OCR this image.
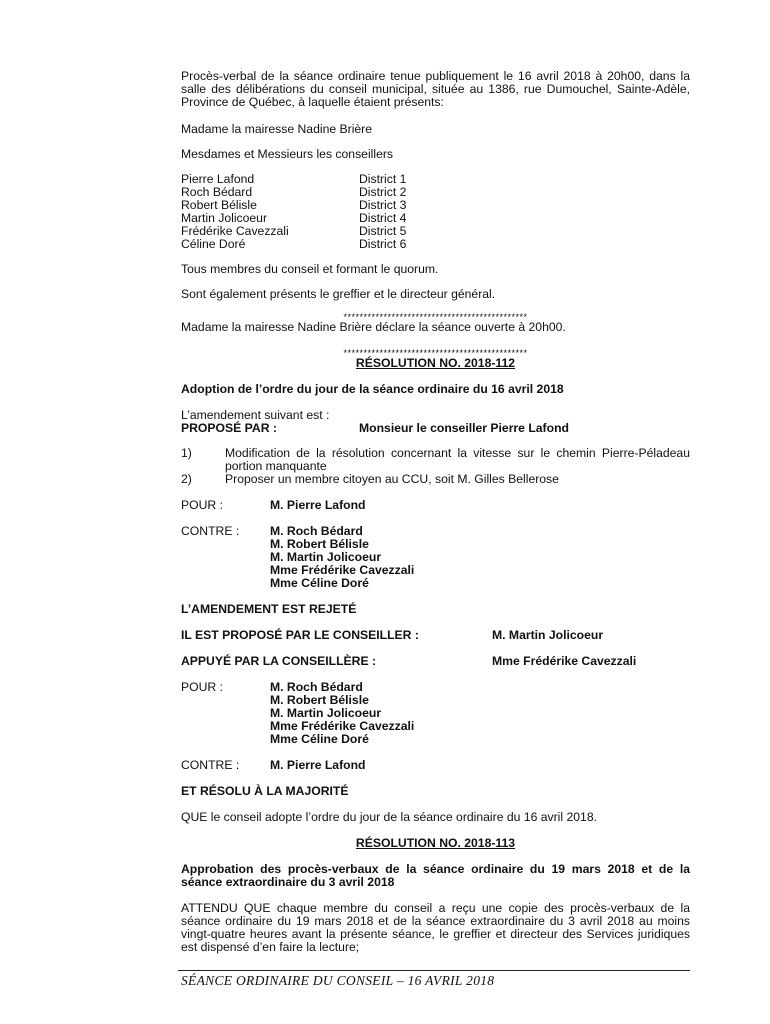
Procès-verbal de la séance ordinaire tenue publiquement le 16 avril 2018 à 20h00, dans la salle des délibérations du conseil municipal, située au 1386, rue Dumouchel, Sainte-Adèle, Province de Québec, à laquelle étaient présents:

Madame la mairesse Nadine Brière

Mesdames et Messieurs les conseillers

Pierre Lafond	District 1
Roch Bédard	District 2
Robert Bélisle	District 3
Martin Jolicoeur	District 4
Frédérike Cavezzali	District 5
Céline Doré	District 6

Tous membres du conseil et formant le quorum.

Sont également présents le greffier et le directeur général.

**********************************************

Madame la mairesse Nadine Brière déclare la séance ouverte à 20h00.

**********************************************

RÉSOLUTION NO. 2018-112

Adoption de l’ordre du jour de la séance ordinaire du 16 avril 2018

L’amendement suivant est :

PROPOSÉ PAR :	Monsieur le conseiller Pierre Lafond
1)	Modification de la résolution concernant la vitesse sur le chemin Pierre-Péladeau portion manquante
2)	Proposer un membre citoyen au CCU, soit M. Gilles Bellerose
POUR :	M. Pierre Lafond
CONTRE :	M. Roch Bédard
M. Robert Bélisle
M. Martin Jolicoeur
Mme Frédérike Cavezzali
Mme Céline Doré

L’AMENDEMENT EST REJETÉ

IL EST PROPOSÉ PAR LE CONSEILLER :	M. Martin Jolicoeur
APPUYÉ PAR LA CONSEILLÈRE :	Mme Frédérike Cavezzali
POUR :	M. Roch Bédard
M. Robert Bélisle
M. Martin Jolicoeur
Mme Frédérike Cavezzali
Mme Céline Doré
CONTRE :	M. Pierre Lafond

ET RÉSOLU À LA MAJORITÉ

QUE le conseil adopte l’ordre du jour de la séance ordinaire du 16 avril 2018.

RÉSOLUTION NO. 2018-113

Approbation des procès-verbaux de la séance ordinaire du 19 mars 2018 et de la séance extraordinaire du 3 avril 2018

ATTENDU QUE chaque membre du conseil a reçu une copie des procès-verbaux de la séance ordinaire du 19 mars 2018 et de la séance extraordinaire du 3 avril 2018 au moins vingt-quatre heures avant la présente séance, le greffier et directeur des Services juridiques est dispensé d’en faire la lecture;

SÉANCE ORDINAIRE DU CONSEIL – 16 AVRIL 2018
